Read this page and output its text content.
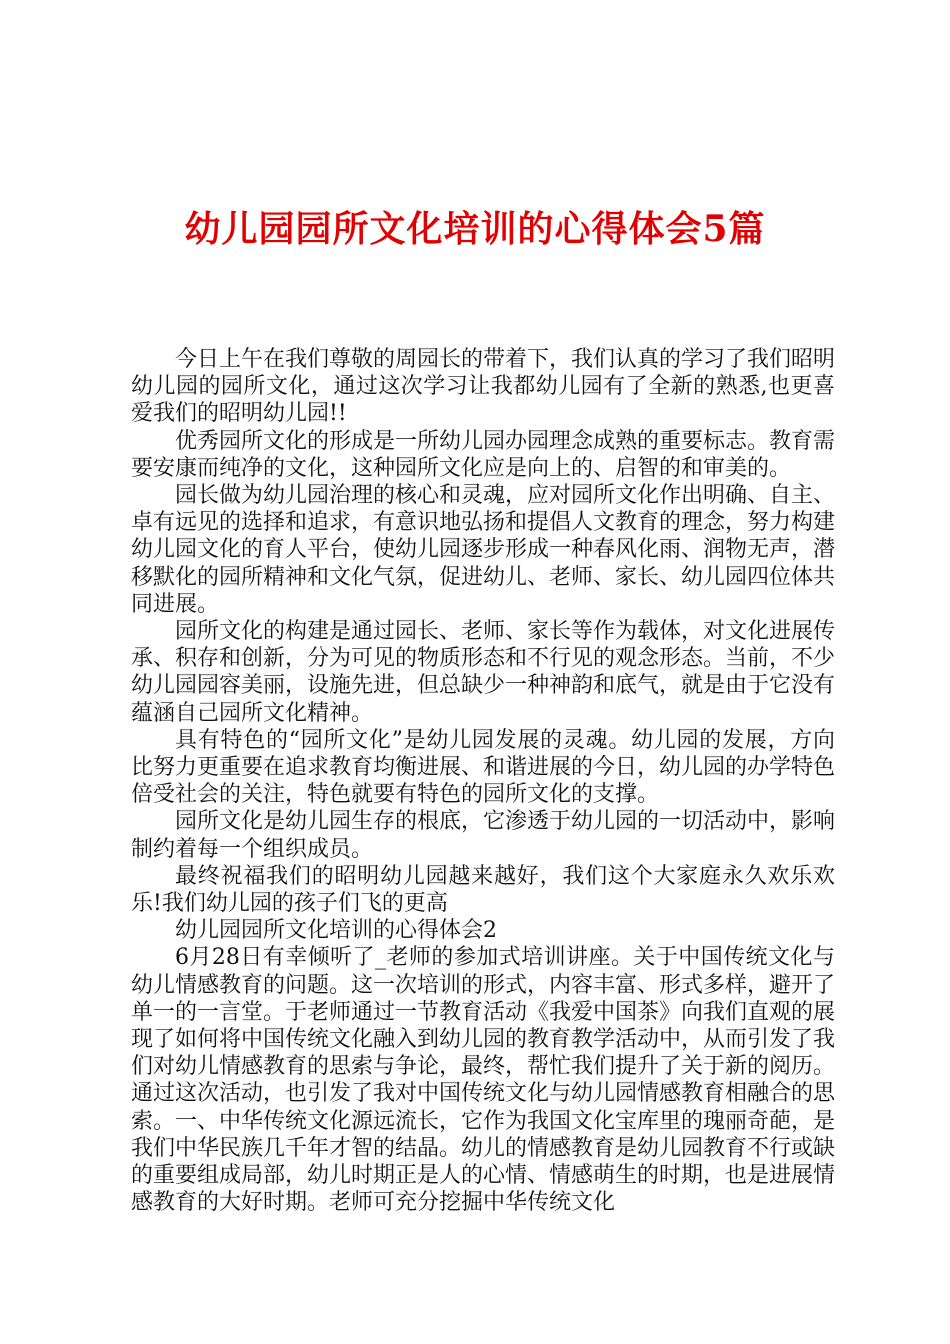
幼儿园园所文化培训的心得体会5篇

今日上午在我们尊敬的周园长的带着下，我们认真的学习了我们昭明幼儿园的园所文化，通过这次学习让我都幼儿园有了全新的熟悉,也更喜爱我们的昭明幼儿园!!

优秀园所文化的形成是一所幼儿园办园理念成熟的重要标志。教育需要安康而纯净的文化，这种园所文化应是向上的、启智的和审美的。

园长做为幼儿园治理的核心和灵魂，应对园所文化作出明确、自主、卓有远见的选择和追求，有意识地弘扬和提倡人文教育的理念，努力构建幼儿园文化的育人平台，使幼儿园逐步形成一种春风化雨、润物无声，潜移默化的园所精神和文化气氛，促进幼儿、老师、家长、幼儿园四位体共同进展。

园所文化的构建是通过园长、老师、家长等作为载体，对文化进展传承、积存和创新，分为可见的物质形态和不行见的观念形态。当前，不少幼儿园园容美丽，设施先进，但总缺少一种神韵和底气，就是由于它没有蕴涵自己园所文化精神。

具有特色的“园所文化”是幼儿园发展的灵魂。幼儿园的发展，方向比努力更重要在追求教育均衡进展、和谐进展的今日，幼儿园的办学特色倍受社会的关注，特色就要有特色的园所文化的支撑。

园所文化是幼儿园生存的根底，它渗透于幼儿园的一切活动中，影响制约着每一个组织成员。

最终祝福我们的昭明幼儿园越来越好，我们这个大家庭永久欢乐欢乐!我们幼儿园的孩子们飞的更高

幼儿园园所文化培训的心得体会2

6月28日有幸倾听了_老师的参加式培训讲座。关于中国传统文化与幼儿情感教育的问题。这一次培训的形式，内容丰富、形式多样，避开了单一的一言堂。于老师通过一节教育活动《我爱中国茶》向我们直观的展现了如何将中国传统文化融入到幼儿园的教育教学活动中，从而引发了我们对幼儿情感教育的思索与争论，最终，帮忙我们提升了关于新的阅历。通过这次活动，也引发了我对中国传统文化与幼儿园情感教育相融合的思索。一、中华传统文化源远流长，它作为我国文化宝库里的瑰丽奇葩，是我们中华民族几千年才智的结晶。幼儿的情感教育是幼儿园教育不行或缺的重要组成局部，幼儿时期正是人的心情、情感萌生的时期，也是进展情感教育的大好时期。老师可充分挖掘中华传统文化
